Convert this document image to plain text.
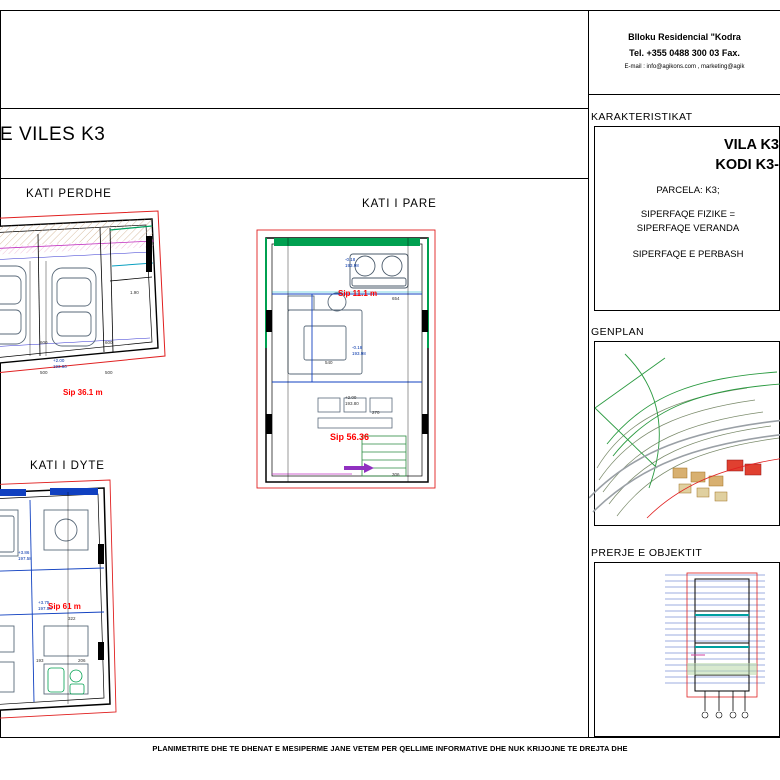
E VILES K3
KATI PERDHE
KATI I PARE
KATI I DYTE
600
500
600
500
+2.00
193.80
1.90
Sip 36.1 m
-0.18
193.98
-0.18
193.98
+2.00
193.80
654
540
270
306
Sip 11.1 m
Sip 56.36
+3.86
197.58
+3.75
197.58
322
193	206
Sip 61 m
Blloku Residencial "Kodra
Tel. +355 0488 300 03 Fax.
E-mail : info@agikons.com , marketing@agik
KARAKTERISTIKAT
VILA K3
KODI K3-
PARCELA: K3;
SIPERFAQE FIZIKE =
SIPERFAQE VERANDA
SIPERFAQE E PERBASH
GENPLAN
PRERJE E OBJEKTIT
PLANIMETRITE DHE TE DHENAT E MESIPERME JANE VETEM PER QELLIME INFORMATIVE DHE NUK KRIJOJNE TE DREJTA DHE
